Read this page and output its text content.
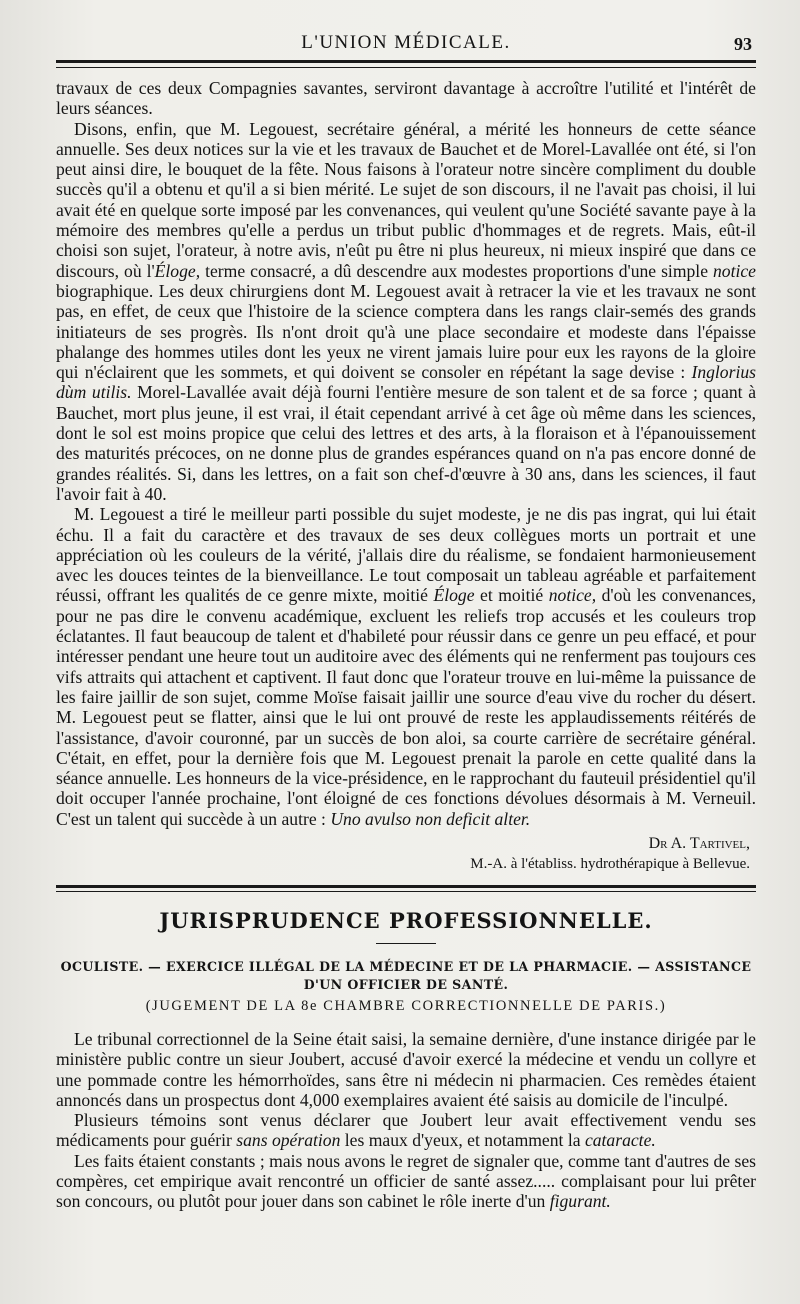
L'UNION MÉDICALE.	93

travaux de ces deux Compagnies savantes, serviront davantage à accroître l'utilité et l'intérêt de leurs séances.

Disons, enfin, que M. Legouest, secrétaire général, a mérité les honneurs de cette séance annuelle. Ses deux notices sur la vie et les travaux de Bauchet et de Morel-Lavallée ont été, si l'on peut ainsi dire, le bouquet de la fête. Nous faisons à l'orateur notre sincère compliment du double succès qu'il a obtenu et qu'il a si bien mérité. Le sujet de son discours, il ne l'avait pas choisi, il lui avait été en quelque sorte imposé par les convenances, qui veulent qu'une Société savante paye à la mémoire des membres qu'elle a perdus un tribut public d'hommages et de regrets. Mais, eût-il choisi son sujet, l'orateur, à notre avis, n'eût pu être ni plus heureux, ni mieux inspiré que dans ce discours, où l'Éloge, terme consacré, a dû descendre aux modestes proportions d'une simple notice biographique. Les deux chirurgiens dont M. Legouest avait à retracer la vie et les travaux ne sont pas, en effet, de ceux que l'histoire de la science comptera dans les rangs clair-semés des grands initiateurs de ses progrès. Ils n'ont droit qu'à une place secondaire et modeste dans l'épaisse phalange des hommes utiles dont les yeux ne virent jamais luire pour eux les rayons de la gloire qui n'éclairent que les sommets, et qui doivent se consoler en répétant la sage devise : Inglorius dùm utilis. Morel-Lavallée avait déjà fourni l'entière mesure de son talent et de sa force ; quant à Bauchet, mort plus jeune, il est vrai, il était cependant arrivé à cet âge où même dans les sciences, dont le sol est moins propice que celui des lettres et des arts, à la floraison et à l'épanouissement des maturités précoces, on ne donne plus de grandes espérances quand on n'a pas encore donné de grandes réalités. Si, dans les lettres, on a fait son chef-d'œuvre à 30 ans, dans les sciences, il faut l'avoir fait à 40.

M. Legouest a tiré le meilleur parti possible du sujet modeste, je ne dis pas ingrat, qui lui était échu. Il a fait du caractère et des travaux de ses deux collègues morts un portrait et une appréciation où les couleurs de la vérité, j'allais dire du réalisme, se fondaient harmonieusement avec les douces teintes de la bienveillance. Le tout composait un tableau agréable et parfaitement réussi, offrant les qualités de ce genre mixte, moitié Éloge et moitié notice, d'où les convenances, pour ne pas dire le convenu académique, excluent les reliefs trop accusés et les couleurs trop éclatantes. Il faut beaucoup de talent et d'habileté pour réussir dans ce genre un peu effacé, et pour intéresser pendant une heure tout un auditoire avec des éléments qui ne renferment pas toujours ces vifs attraits qui attachent et captivent. Il faut donc que l'orateur trouve en lui-même la puissance de les faire jaillir de son sujet, comme Moïse faisait jaillir une source d'eau vive du rocher du désert. M. Legouest peut se flatter, ainsi que le lui ont prouvé de reste les applaudissements réitérés de l'assistance, d'avoir couronné, par un succès de bon aloi, sa courte carrière de secrétaire général. C'était, en effet, pour la dernière fois que M. Legouest prenait la parole en cette qualité dans la séance annuelle. Les honneurs de la vice-présidence, en le rapprochant du fauteuil présidentiel qu'il doit occuper l'année prochaine, l'ont éloigné de ces fonctions dévolues désormais à M. Verneuil. C'est un talent qui succède à un autre : Uno avulso non deficit alter.

Dr A. Tartivel,
M.-A. à l'établiss. hydrothérapique à Bellevue.
JURISPRUDENCE PROFESSIONNELLE.
OCULISTE. — EXERCICE ILLÉGAL DE LA MÉDECINE ET DE LA PHARMACIE. — ASSISTANCE D'UN OFFICIER DE SANTÉ.
(JUGEMENT DE LA 8e CHAMBRE CORRECTIONNELLE DE PARIS.)

Le tribunal correctionnel de la Seine était saisi, la semaine dernière, d'une instance dirigée par le ministère public contre un sieur Joubert, accusé d'avoir exercé la médecine et vendu un collyre et une pommade contre les hémorrhoïdes, sans être ni médecin ni pharmacien. Ces remèdes étaient annoncés dans un prospectus dont 4,000 exemplaires avaient été saisis au domicile de l'inculpé.

Plusieurs témoins sont venus déclarer que Joubert leur avait effectivement vendu ses médicaments pour guérir sans opération les maux d'yeux, et notamment la cataracte.

Les faits étaient constants ; mais nous avons le regret de signaler que, comme tant d'autres de ses compères, cet empirique avait rencontré un officier de santé assez..... complaisant pour lui prêter son concours, ou plutôt pour jouer dans son cabinet le rôle inerte d'un figurant.
